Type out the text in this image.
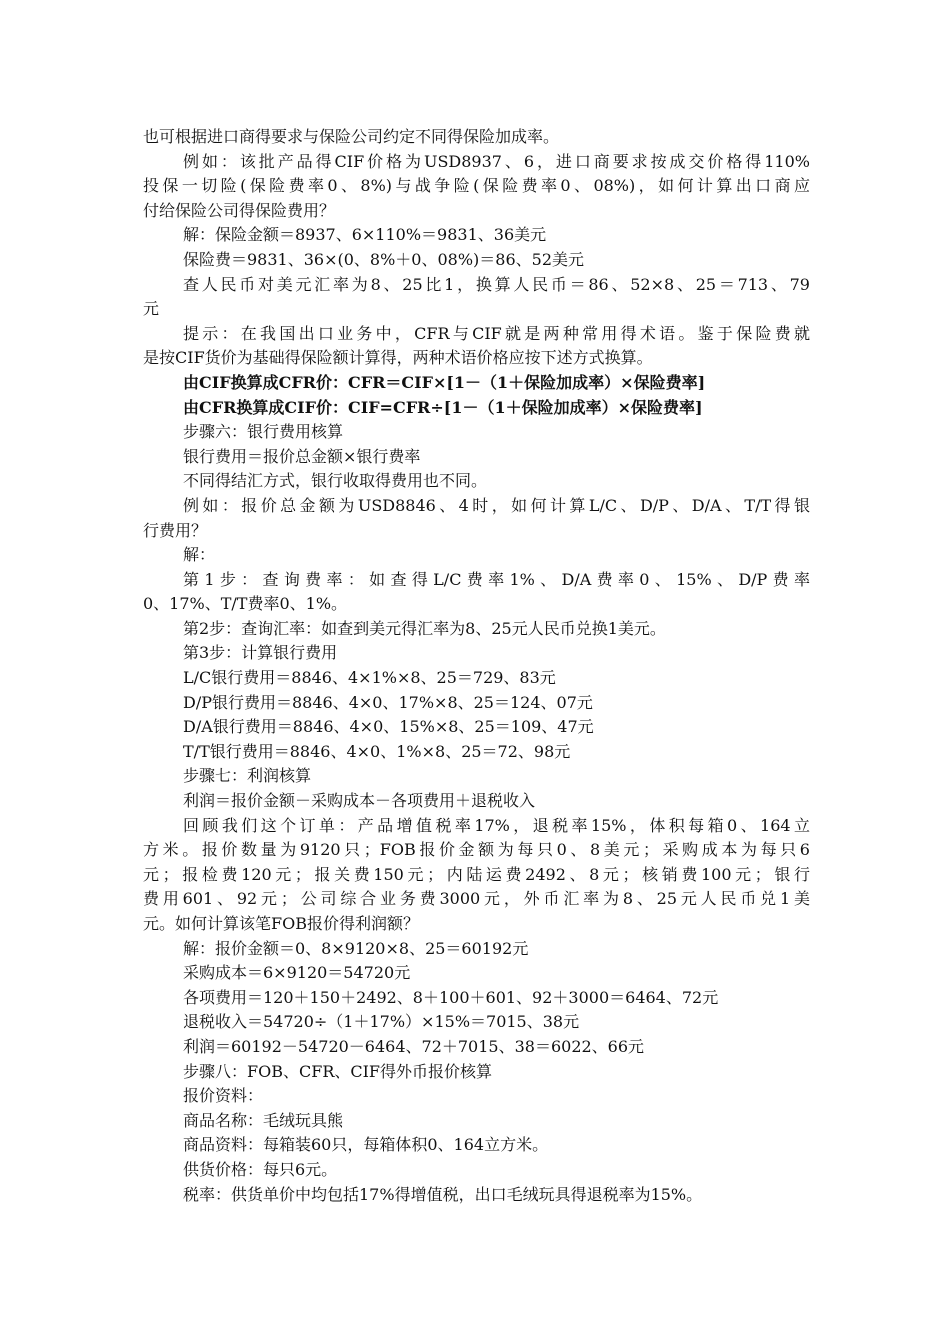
也可根据进口商得要求与保险公司约定不同得保险加成率。
例如：该批产品得CIF价格为USD8937、6，进口商要求按成交价格得110%
投保一切险(保险费率0、8%)与战争险(保险费率0、08%)，如何计算出口商应
付给保险公司得保险费用？
解：保险金额＝8937、6×110%＝9831、36美元
保险费＝9831、36×(0、8%＋0、08%)＝86、52美元
查人民币对美元汇率为8、25比1，换算人民币＝86、52×8、25＝713、79
元
提示：在我国出口业务中，CFR与CIF就是两种常用得术语。鉴于保险费就
是按CIF货价为基础得保险额计算得，两种术语价格应按下述方式换算。
由CIF换算成CFR价：CFR＝CIF×[1－（1＋保险加成率）×保险费率]
由CFR换算成CIF价：CIF=CFR÷[1－（1＋保险加成率）×保险费率]
步骤六：银行费用核算
银行费用＝报价总金额×银行费率
不同得结汇方式，银行收取得费用也不同。
例如：报价总金额为USD8846、4时，如何计算L/C、D/P、D/A、T/T得银
行费用？
解：
第1步：查询费率：如查得L/C费率1%、D/A费率0、15%、D/P费率
0、17%、T/T费率0、1%。
第2步：查询汇率：如查到美元得汇率为8、25元人民币兑换1美元。
第3步：计算银行费用
L/C银行费用＝8846、4×1%×8、25＝729、83元
D/P银行费用＝8846、4×0、17%×8、25＝124、07元
D/A银行费用＝8846、4×0、15%×8、25＝109、47元
T/T银行费用＝8846、4×0、1%×8、25＝72、98元
步骤七：利润核算
利润＝报价金额－采购成本－各项费用＋退税收入
回顾我们这个订单：产品增值税率17%，退税率15%，体积每箱0、164立
方米。报价数量为9120只；FOB报价金额为每只0、8美元；采购成本为每只6
元；报检费120元；报关费150元；内陆运费2492、8元；核销费100元；银行
费用601、92元；公司综合业务费3000元，外币汇率为8、25元人民币兑1美
元。如何计算该笔FOB报价得利润额？
解：报价金额＝0、8×9120×8、25＝60192元
采购成本＝6×9120＝54720元
各项费用＝120＋150＋2492、8＋100＋601、92＋3000＝6464、72元
退税收入＝54720÷（1＋17%）×15%＝7015、38元
利润＝60192－54720－6464、72＋7015、38＝6022、66元
步骤八：FOB、CFR、CIF得外币报价核算
报价资料：
商品名称：毛绒玩具熊
商品资料：每箱装60只，每箱体积0、164立方米。
供货价格：每只6元。
税率：供货单价中均包括17%得增值税，出口毛绒玩具得退税率为15%。
